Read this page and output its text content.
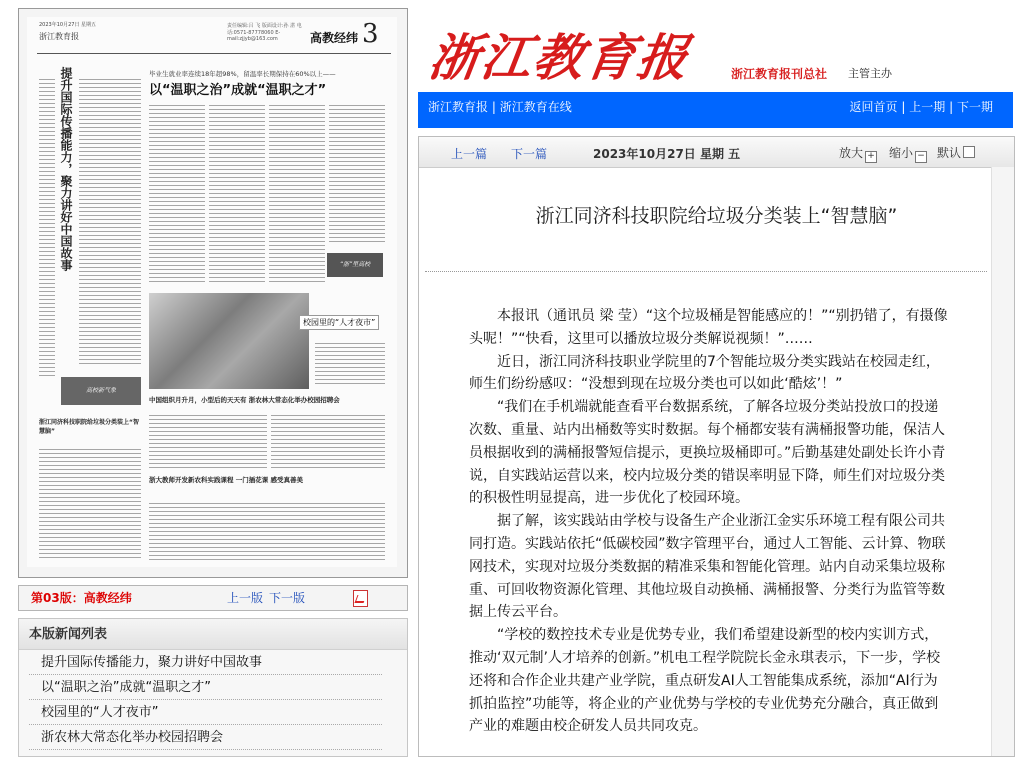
2023年10月27日 星期五
浙江教育报
责任编辑:吕 飞 版面设计:孙 湛 电话:0571-87778060 E-mail:zjjyb@163.com	高教经纬 3
提升国际传播能力，聚力讲好中国故事	毕业生就业率连续18年超98%，留温率长期保持在60%以上——
以“温职之治”成就“温职之才”
校园里的“人才夜市”
“浙”里高校
高校新气象
中国组织月升月，小型后的天天有 浙农林大常态化举办校园招聘会
浙大教师开发新农科实践课程 一门插花课 感受真善美
浙江同济科技职院给垃圾分类装上“智慧脑”
第03版：高教经纬	上一版 下一版
本版新闻列表
提升国际传播能力，聚力讲好中国故事
以“温职之治”成就“温职之才”
校园里的“人才夜市”
浙农林大常态化举办校园招聘会
浙江教育报	浙江教育报刊总社 主管主办
浙江教育报 | 浙江教育在线	返回首页 | 上一期 | 下一期
上一篇 下一篇	2023年10月27日 星期 五	放大 + 缩小 − 默认
浙江同济科技职院给垃圾分类装上“智慧脑”

本报讯（通讯员 梁 莹）“这个垃圾桶是智能感应的！”“别扔错了，有摄像头呢！”“快看，这里可以播放垃圾分类解说视频！”……

近日，浙江同济科技职业学院里的7个智能垃圾分类实践站在校园走红，师生们纷纷感叹：“没想到现在垃圾分类也可以如此‘酷炫’！”

“我们在手机端就能查看平台数据系统，了解各垃圾分类站投放口的投递次数、重量、站内出桶数等实时数据。每个桶都安装有满桶报警功能，保洁人员根据收到的满桶报警短信提示，更换垃圾桶即可。”后勤基建处副处长许小青说，自实践站运营以来，校内垃圾分类的错误率明显下降，师生们对垃圾分类的积极性明显提高，进一步优化了校园环境。

据了解，该实践站由学校与设备生产企业浙江金实乐环境工程有限公司共同打造。实践站依托“低碳校园”数字管理平台，通过人工智能、云计算、物联网技术，实现对垃圾分类数据的精准采集和智能化管理。站内自动采集垃圾称重、可回收物资源化管理、其他垃圾自动换桶、满桶报警、分类行为监管等数据上传云平台。

“学校的数控技术专业是优势专业，我们希望建设新型的校内实训方式，推动‘双元制’人才培养的创新。”机电工程学院院长金永琪表示，下一步，学校还将和合作企业共建产业学院，重点研发AI人工智能集成系统，添加“AI行为抓拍监控”功能等，将企业的产业优势与学校的专业优势充分融合，真正做到产业的难题由校企研发人员共同攻克。
